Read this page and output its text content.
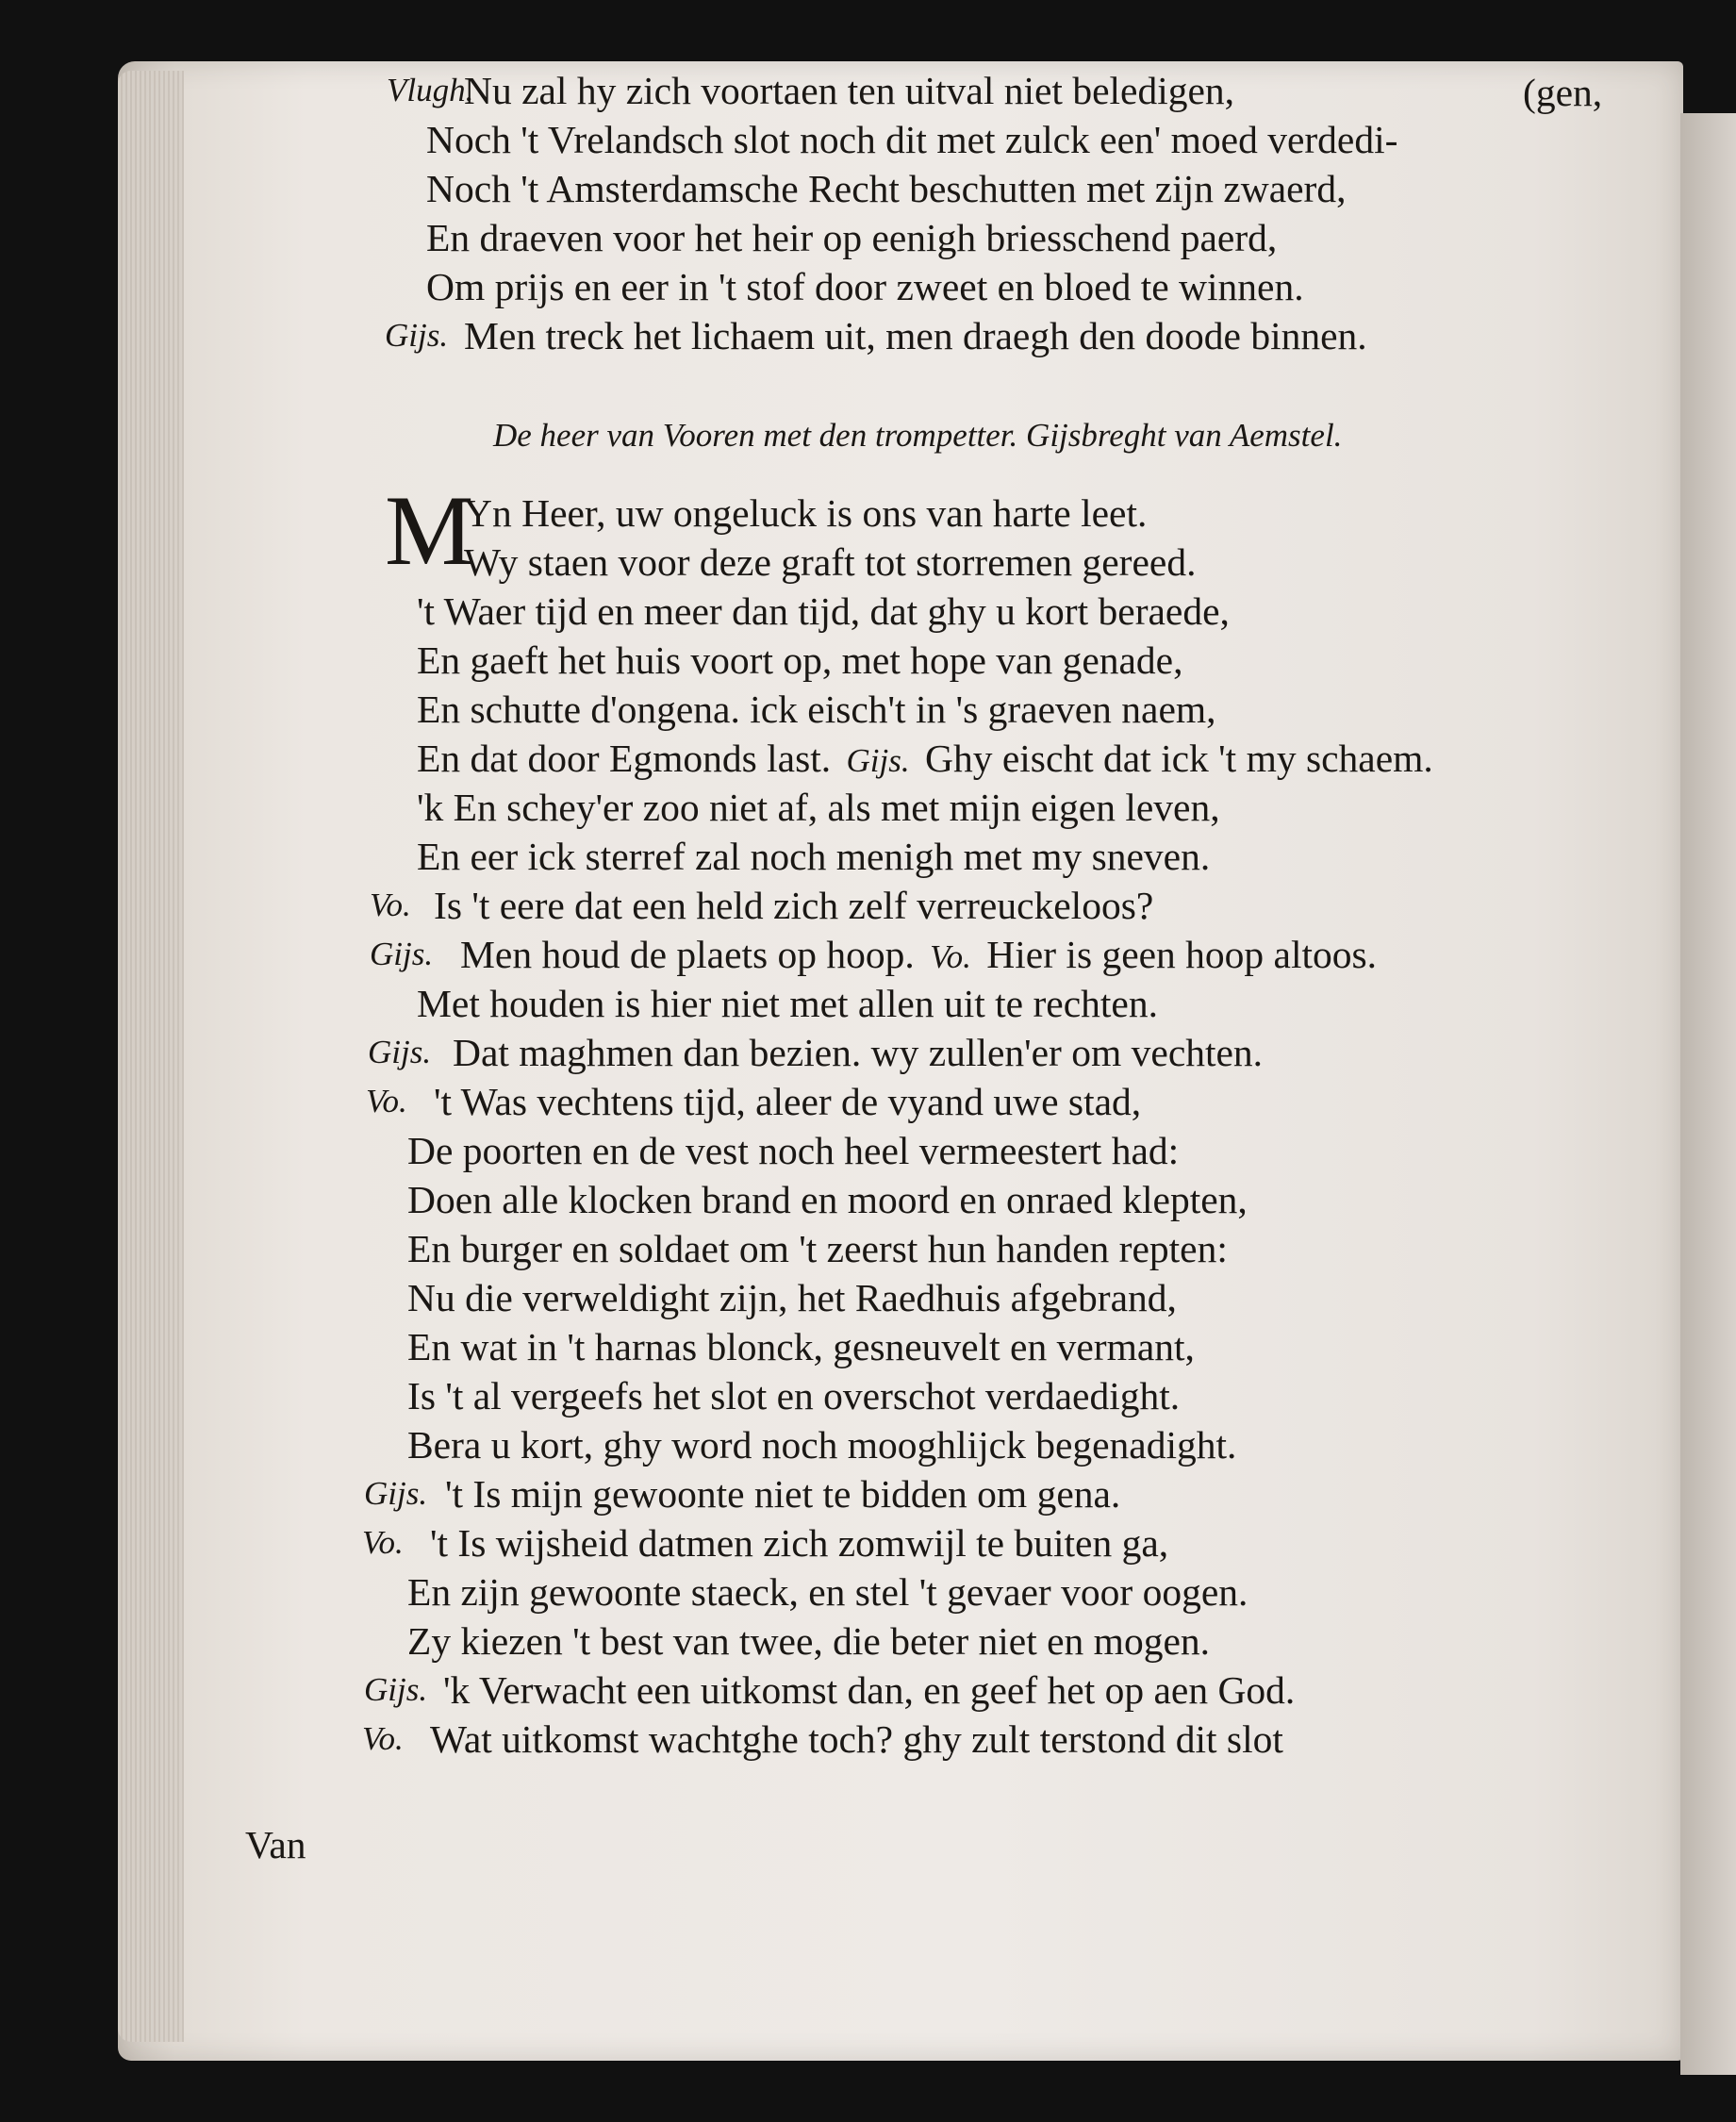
Vlugh.
Nu zal hy zich voortaen ten uitval niet beledigen,	(gen,
Noch 't Vrelandsch slot noch dit met zulck een' moed verdedi-
Noch 't Amsterdamsche Recht beschutten met zijn zwaerd,
En draeven voor het heir op eenigh briesschend paerd,
Om prijs en eer in 't stof door zweet en bloed te winnen.
Gijs. Men treck het lichaem uit, men draegh den doode binnen.
De heer van Vooren met den trompetter. Gijsbreght van Aemstel.
M
Yn Heer, uw ongeluck is ons van harte leet.
Wy staen voor deze graft tot storremen gereed.
't Waer tijd en meer dan tijd, dat ghy u kort beraede,
En gaeft het huis voort op, met hope van genade,
En schutte d'ongena. ick eisch't in 's graeven naem,
En dat door Egmonds last. Gijs. Ghy eischt dat ick 't my schaem.
'k En schey'er zoo niet af, als met mijn eigen leven,
En eer ick sterref zal noch menigh met my sneven.
Vo. Is 't eere dat een held zich zelf verreuckeloos?
Gijs. Men houd de plaets op hoop. Vo. Hier is geen hoop altoos.
Met houden is hier niet met allen uit te rechten.
Gijs. Dat maghmen dan bezien. wy zullen'er om vechten.
Vo. 't Was vechtens tijd, aleer de vyand uwe stad,
De poorten en de vest noch heel vermeestert had:
Doen alle klocken brand en moord en onraed klepten,
En burger en soldaet om 't zeerst hun handen repten:
Nu die verweldight zijn, het Raedhuis afgebrand,
En wat in 't harnas blonck, gesneuvelt en vermant,
Is 't al vergeefs het slot en overschot verdaedight.
Bera u kort, ghy word noch mooghlijck begenadight.
Gijs. 't Is mijn gewoonte niet te bidden om gena.
Vo. 't Is wijsheid datmen zich zomwijl te buiten ga,
En zijn gewoonte staeck, en stel 't gevaer voor oogen.
Zy kiezen 't best van twee, die beter niet en mogen.
Gijs. 'k Verwacht een uitkomst dan, en geef het op aen God.
Vo. Wat uitkomst wachtghe toch? ghy zult terstond dit slot
Van
